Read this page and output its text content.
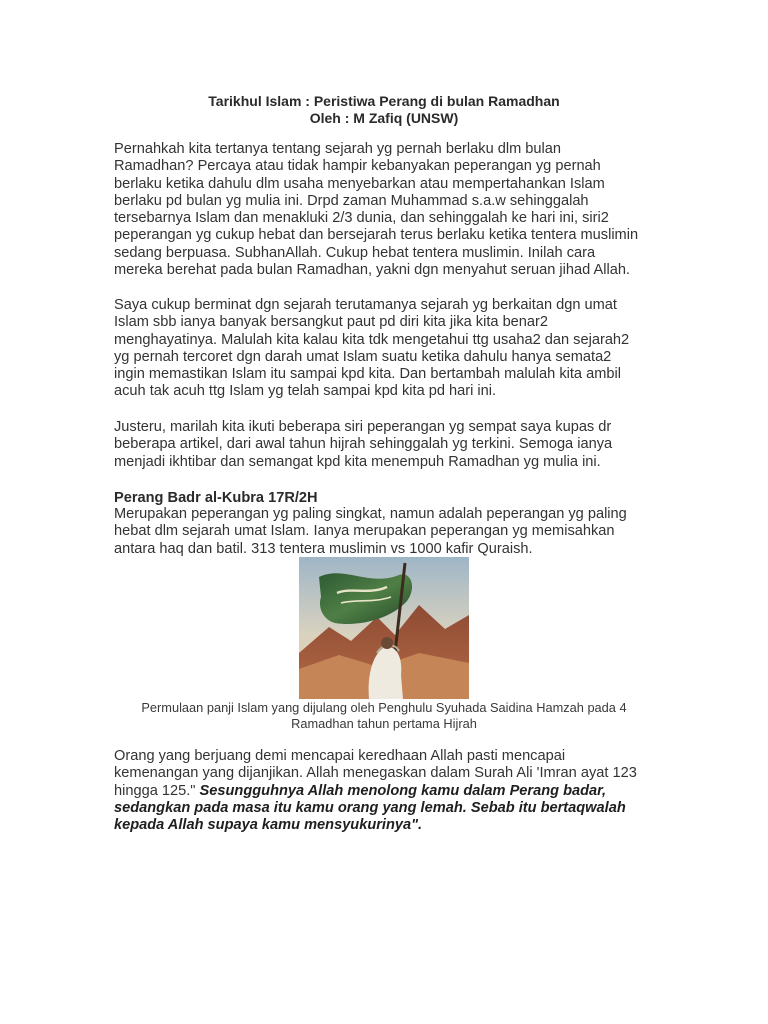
Tarikhul Islam : Peristiwa Perang di bulan Ramadhan
Oleh : M Zafiq (UNSW)

Pernahkah kita tertanya tentang sejarah yg pernah berlaku dlm bulan
Ramadhan? Percaya atau tidak hampir kebanyakan peperangan yg pernah
berlaku ketika dahulu dlm usaha menyebarkan atau mempertahankan Islam
berlaku pd bulan yg mulia ini. Drpd zaman Muhammad s.a.w sehinggalah
tersebarnya Islam dan menakluki 2/3 dunia, dan sehinggalah ke hari ini, siri2
peperangan yg cukup hebat dan bersejarah terus berlaku ketika tentera muslimin
sedang berpuasa. SubhanAllah. Cukup hebat tentera muslimin. Inilah cara
mereka berehat pada bulan Ramadhan, yakni dgn menyahut seruan jihad Allah.

Saya cukup berminat dgn sejarah terutamanya sejarah yg berkaitan dgn umat
Islam sbb ianya banyak bersangkut paut pd diri kita jika kita benar2
menghayatinya. Malulah kita kalau kita tdk mengetahui ttg usaha2 dan sejarah2
yg pernah tercoret dgn darah umat Islam suatu ketika dahulu hanya semata2
ingin memastikan Islam itu sampai kpd kita. Dan bertambah malulah kita ambil
acuh tak acuh ttg Islam yg telah sampai kpd kita pd hari ini.

Justeru, marilah kita ikuti beberapa siri peperangan yg sempat saya kupas dr
beberapa artikel, dari awal tahun hijrah sehinggalah yg terkini. Semoga ianya
menjadi ikhtibar dan semangat kpd kita menempuh Ramadhan yg mulia ini.

Perang Badr al-Kubra 17R/2H

Merupakan peperangan yg paling singkat, namun adalah peperangan yg paling
hebat dlm sejarah umat Islam. Ianya merupakan peperangan yg memisahkan
antara haq dan batil. 313 tentera muslimin vs 1000 kafir Quraish.

Permulaan panji Islam yang dijulang oleh Penghulu Syuhada Saidina Hamzah pada 4
Ramadhan tahun pertama Hijrah

Orang yang berjuang demi mencapai keredhaan Allah pasti mencapai
kemenangan yang dijanjikan. Allah menegaskan dalam Surah Ali 'Imran ayat 123
hingga 125." Sesungguhnya Allah menolong kamu dalam Perang badar,
sedangkan pada masa itu kamu orang yang lemah. Sebab itu bertaqwalah
kepada Allah supaya kamu mensyukurinya".
